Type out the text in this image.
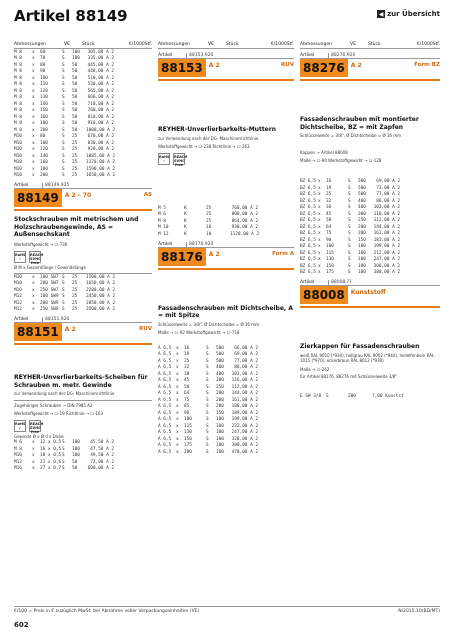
Artikel 88149	◀ zur Übersicht
Abmessungen	VE	Stück	€/1000Stf.
M 8	x	60	S	100	305,80 A 2
M 8	x	70	S	100	335,00 A 2
M 8	x	80	S	50	445,00 A 2
M 8	x	90	S	50	448,00 A 2
M 8	x	100	S	50	510,00 A 2
M 8	x	110	S	50	530,00 A 2
M 8	x	120	S	50	565,00 A 2
M 8	x	130	S	50	660,00 A 2
M 8	x	140	S	50	710,00 A 2
M 8	x	150	S	50	760,00 A 2
M 8	x	160	S	50	810,00 A 2
M 8	x	180	S	50	910,00 A 2
M 8	x	200	S	50	1000,00 A 2
M10	x	80	S	25	670,00 A 2
M10	x	100	S	25	830,00 A 2
M10	x	120	S	25	920,00 A 2
M10	x	140	S	25	1085,00 A 2
M10	x	160	S	25	1170,00 A 2
M10	x	180	S	25	1590,00 A 2
M10	x	200	S	25	1650,00 A 2
Artikel	88149.925
88149	A 2 – 70	AS
Stockschrauben mit metrischem und Holzschraubengewinde, AS = Außensechskant
Werkstoffgewicht → ☐-736
RoHS ✓
REACH SVHC free
Ø M x Gesamtlänge / Gewindelänge
M10	x	100 SW7 S	25	1500,00 A 2
M10	x	200 SW7 S	25	1650,00 A 2
M10	x	250 SW7 S	25	2280,00 A 2
M12	x	100 SW9 S	25	2450,00 A 2
M12	x	200 SW9 S	25	2850,00 A 2
M12	x	250 SW9 S	25	3500,00 A 2
Artikel	88151.920
88151	A 2	RUV
REYHER-Unverlierbarkeits-Scheiben für Schrauben m. metr. Gewinde
zur Verwendung nach der DG- Maschinenrichtlinie
Zugehöriger Schrauben → DIN 7985 A2
Werkstoffgewicht → ☐-19 Richtlinie → ☐-163
RoHS ✓
REACH SVHC free
Gewinde Ø x Ø d x Dicke
M 6	x	12 x 0,5 S	100	45,50 A 2
M 8	x	16 x 0,5 S	100	47,50 A 2
M10	x	18 x 0,5 S	100	49,50 A 2
M12	x	21 x 0,6 S	50	72,00 A 2
M16	x	27 x 0,7 S	50	600,00 A 2
Abmessungen	VE	Stück	€/1000Stf.
Artikel	88153.920
88153	A 2	RUV
REYHER-Unverlierbarkeits-Muttern
zur Verwendung nach der DG- Maschinenrichtlinie
Werkstoffgewicht → ☐-238 Richtlinie → ☐-263
RoHS ✓
REACH SVHC free
M 5	K	25	760,00 A 2
M 6	K	25	800,00 A 2
M 8	K	25	864,00 A 2
M 10	K	10	930,00 A 2
M 12	K	10	1120,00 A 2
Artikel	88176.920
88176	A 2	Form A
Fassadenschrauben mit Dichtscheibe, A = mit Spitze
Schlüsselweite = 3/8", Ø Dichtscheibe = Ø 16 mm
Maße → ☐-92 Werkstoffgewicht → ☐-718
A 6,5	x	16	S	500	66,00 A 2
A 6,5	x	19	S	500	69,00 A 2
A 6,5	x	25	S	500	77,00 A 2
A 6,5	x	32	S	400	88,00 A 2
A 6,5	x	38	S	400	103,00 A 2
A 6,5	x	45	S	300	116,00 A 2
A 6,5	x	50	S	250	112,00 A 2
A 6,5	x	64	S	200	144,00 A 2
A 6,5	x	75	S	200	161,00 A 2
A 6,5	x	85	S	200	188,00 A 2
A 6,5	x	90	S	150	189,00 A 2
A 6,5	x	100	S	100	199,00 A 2
A 6,5	x	115	S	100	232,00 A 2
A 6,5	x	130	S	100	247,00 A 2
A 6,5	x	150	S	100	320,00 A 2
A 6,5	x	175	S	100	380,00 A 2
A 6,5	x	200	S	100	470,00 A 2
Abmessungen	VE	Stück	€/1000Stf.
Artikel	88276.920
88276	A 2	Form BZ
Fassadenschrauben mit montierter Dichtscheibe, BZ = mit Zapfen
Schlüsselweite = 3/8", Ø Dichtscheibe = Ø 16 mm
Kappen → Artikel 88008
Maße → ☐-90 Werkstoffgewicht → ☐-128
BZ 6,5 x	16	S	500	69,00 A 2
BZ 6,5 x	19	S	500	73,00 A 2
BZ 6,5 x	25	S	500	77,00 A 2
BZ 6,5 x	32	S	400	88,00 A 2
BZ 6,5 x	38	S	400	103,00 A 2
BZ 6,5 x	45	S	300	110,00 A 2
BZ 6,5 x	50	S	250	112,00 A 2
BZ 6,5 x	64	S	200	144,00 A 2
BZ 6,5 x	75	S	200	161,00 A 2
BZ 6,5 x	90	S	150	183,00 A 2
BZ 6,5 x	100	S	100	199,00 A 2
BZ 6,5 x	115	S	100	212,00 A 2
BZ 6,5 x	130	S	100	247,00 A 2
BZ 6,5 x	150	S	100	300,00 A 2
BZ 6,5 x	175	S	100	380,00 A 2
Artikel	88008.??
88008	Kunststoff
Zierkappen für Fassadenschrauben
weiß RAL 9010 (*930), hellgrau RAL 9002 (*940), hellelfenbein RAL 1015 (*970), ockerbraun RAL 8012 (*930)
Maße → ☐-262
für Artikel 88176, 88276 mit Schlüsselweite 3/8"
E SW 3/8 S	200	7,00 Kunstst
€/100 = Preis in € zuzüglich MwSt. bei Abnahme voller Verpackungseinheiten (VE)	N/2015.10(BD/MT)
602
